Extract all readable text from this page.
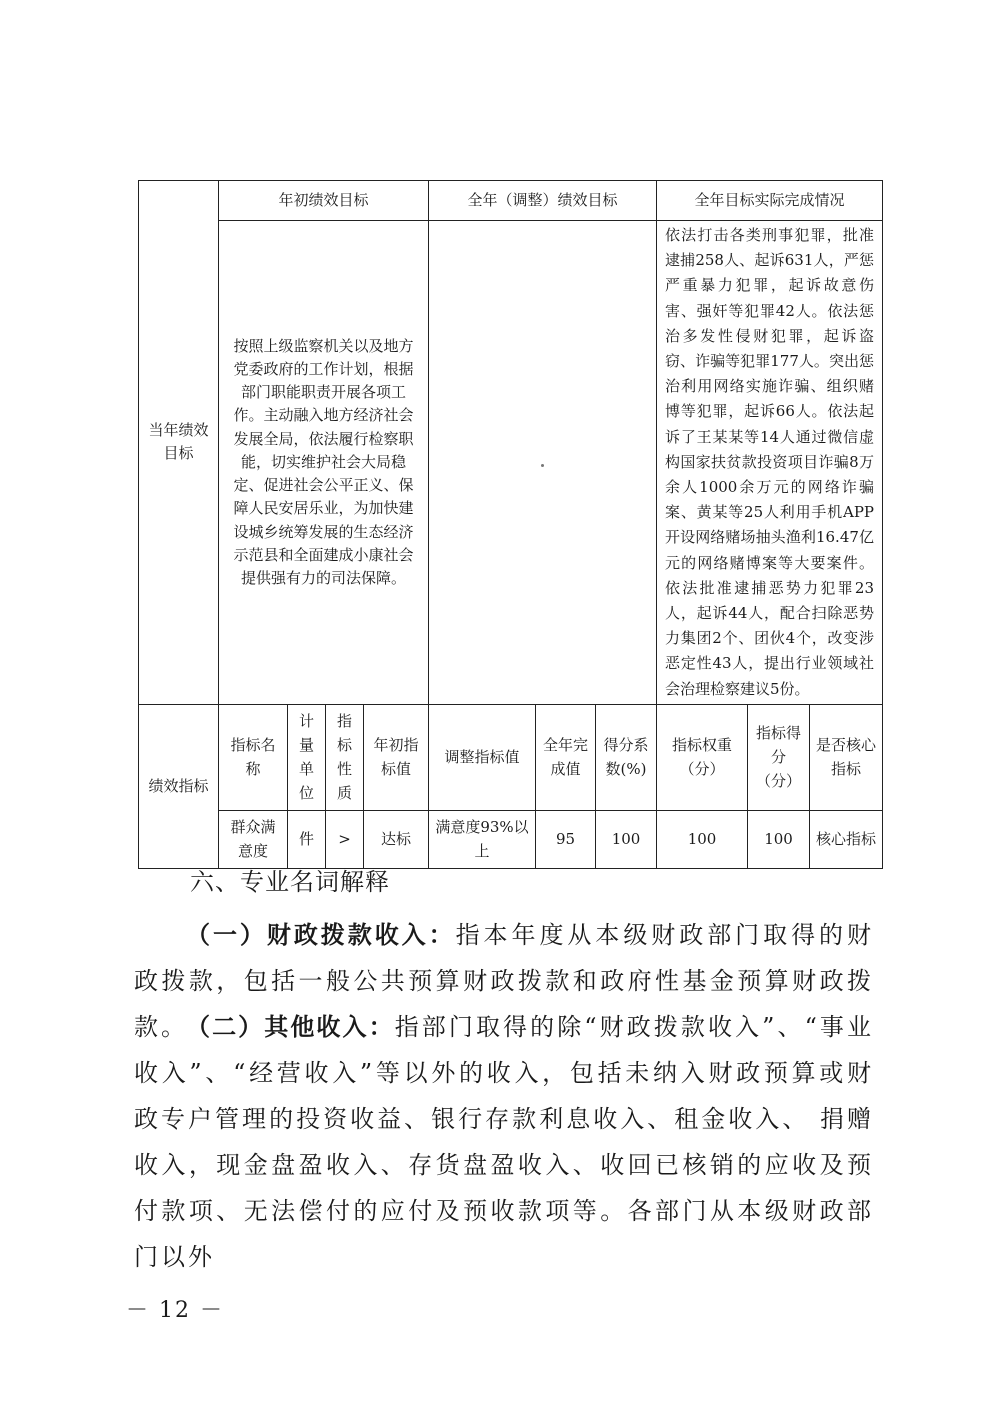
当年绩效目标	年初绩效目标				全年（调整）绩效目标			全年目标实际完成情况		
	按照上级监察机关以及地方党委政府的工作计划，根据部门职能职责开展各项工作。主动融入地方经济社会发展全局，依法履行检察职能，切实维护社会大局稳定、促进社会公平正义、保障人民安居乐业，为加快建设城乡统筹发展的生态经济示范县和全面建成小康社会提供强有力的司法保障。							依法打击各类刑事犯罪，批准逮捕258人、起诉631人，严惩严重暴力犯罪，起诉故意伤害、强奸等犯罪42人。依法惩治多发性侵财犯罪，起诉盗窃、诈骗等犯罪177人。突出惩治利用网络实施诈骗、组织赌博等犯罪，起诉66人。依法起诉了王某某等14人通过微信虚构国家扶贫款投资项目诈骗8万余人1000余万元的网络诈骗案、黄某等25人利用手机APP开设网络赌场抽头渔利16.47亿元的网络赌博案等大要案件。依法批准逮捕恶势力犯罪23人，起诉44人，配合扫除恶势力集团2个、团伙4个，改变涉恶定性43人，提出行业领域社会治理检察建议5份。		
绩效指标	指标名称	计量单位	指标性质	年初指标值	调整指标值	全年完成值	得分系数(%)	指标权重（分）	指标得分（分）	是否核心指标
	群众满意度	件	>	达标	满意度93%以上	95	100	100	100	核心指标
六、专业名词解释

（一）财政拨款收入：指本年度从本级财政部门取得的财政拨款，包括一般公共预算财政拨款和政府性基金预算财政拨款。

（二）其他收入：指部门取得的除“财政拨款收入”、“事业收入”、“经营收入”等以外的收入，包括未纳入财政预算或财政专户管理的投资收益、银行存款利息收入、租金收入、 捐赠收入，现金盘盈收入、存货盘盈收入、收回已核销的应收及预付款项、无法偿付的应付及预收款项等。各部门从本级财政部门以外

－ 12 －
